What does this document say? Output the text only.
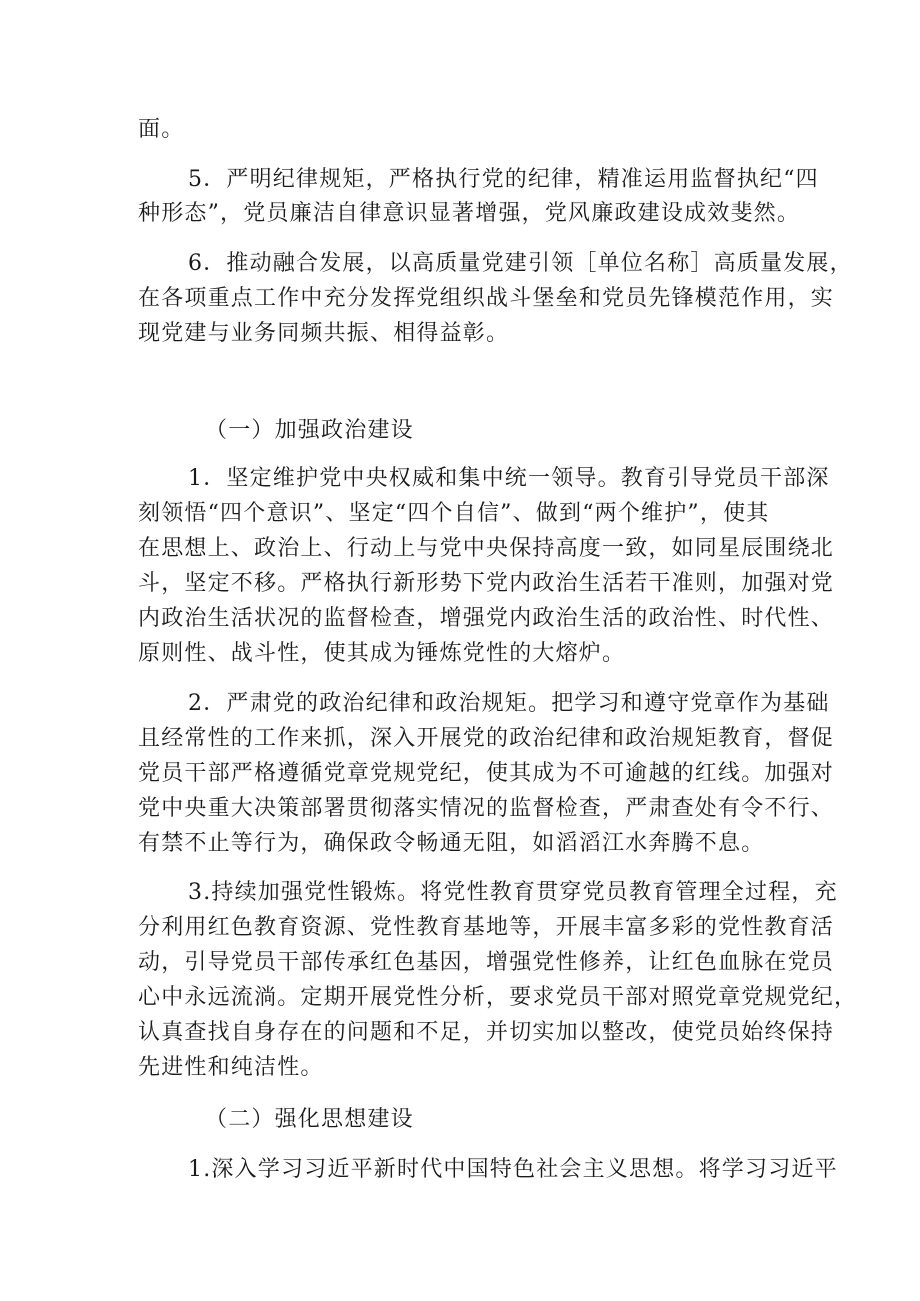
面。
5．严明纪律规矩，严格执行党的纪律，精准运用监督执纪“四
种形态”，党员廉洁自律意识显著增强，党风廉政建设成效斐然。
6．推动融合发展，以高质量党建引领［单位名称］高质量发展，
在各项重点工作中充分发挥党组织战斗堡垒和党员先锋模范作用，实
现党建与业务同频共振、相得益彰。
（一）加强政治建设
1．坚定维护党中央权威和集中统一领导。教育引导党员干部深
刻领悟“四个意识”、坚定“四个自信”、做到“两个维护”，使其
在思想上、政治上、行动上与党中央保持高度一致，如同星辰围绕北
斗，坚定不移。严格执行新形势下党内政治生活若干准则，加强对党
内政治生活状况的监督检查，增强党内政治生活的政治性、时代性、
原则性、战斗性，使其成为锤炼党性的大熔炉。
2．严肃党的政治纪律和政治规矩。把学习和遵守党章作为基础
且经常性的工作来抓，深入开展党的政治纪律和政治规矩教育，督促
党员干部严格遵循党章党规党纪，使其成为不可逾越的红线。加强对
党中央重大决策部署贯彻落实情况的监督检查，严肃查处有令不行、
有禁不止等行为，确保政令畅通无阻，如滔滔江水奔腾不息。
3.持续加强党性锻炼。将党性教育贯穿党员教育管理全过程，充
分利用红色教育资源、党性教育基地等，开展丰富多彩的党性教育活
动，引导党员干部传承红色基因，增强党性修养，让红色血脉在党员
心中永远流淌。定期开展党性分析，要求党员干部对照党章党规党纪，
认真查找自身存在的问题和不足，并切实加以整改，使党员始终保持
先进性和纯洁性。
（二）强化思想建设
1.深入学习习近平新时代中国特色社会主义思想。将学习习近平
